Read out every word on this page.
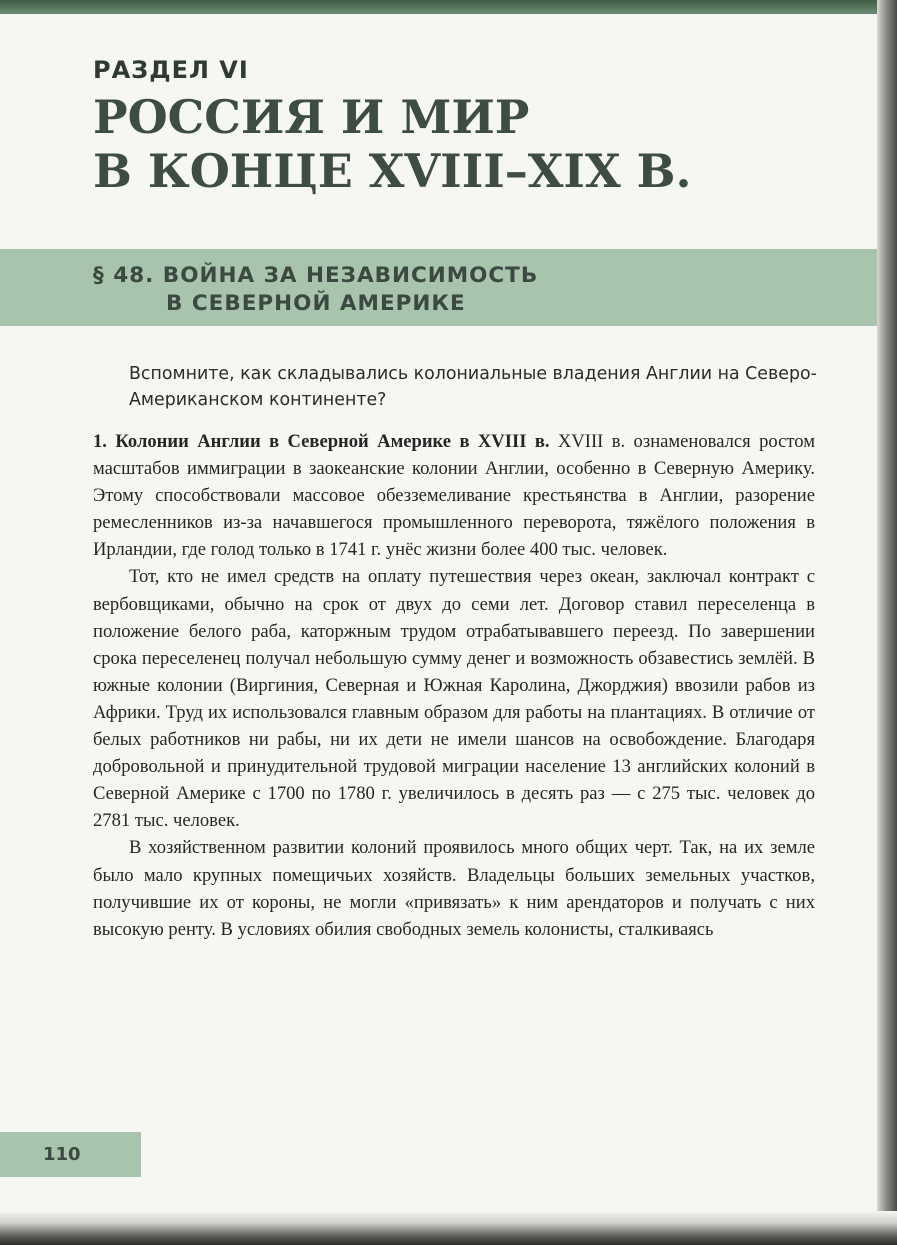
РАЗДЕЛ VI
РОССИЯ И МИР
В КОНЦЕ XVIII–XIX В.
§ 48. ВОЙНА ЗА НЕЗАВИСИМОСТЬ
В СЕВЕРНОЙ АМЕРИКЕ

Вспомните, как складывались колониальные владения Англии на Северо-Американском континенте?

1. Колонии Англии в Северной Америке в XVIII в. XVIII в. ознаменовался ростом масштабов иммиграции в заокеанские колонии Англии, особенно в Северную Америку. Этому способствовали массовое обезземеливание крестьянства в Англии, разорение ремесленников из-за начавшегося промышленного переворота, тяжёлого положения в Ирландии, где голод только в 1741 г. унёс жизни более 400 тыс. человек.

Тот, кто не имел средств на оплату путешествия через океан, заключал контракт с вербовщиками, обычно на срок от двух до семи лет. Договор ставил переселенца в положение белого раба, каторжным трудом отрабатывавшего переезд. По завершении срока переселенец получал небольшую сумму денег и возможность обзавестись землёй. В южные колонии (Виргиния, Северная и Южная Каролина, Джорджия) ввозили рабов из Африки. Труд их использовался главным образом для работы на плантациях. В отличие от белых работников ни рабы, ни их дети не имели шансов на освобождение. Благодаря добровольной и принудительной трудовой миграции население 13 английских колоний в Северной Америке с 1700 по 1780 г. увеличилось в десять раз — с 275 тыс. человек до 2781 тыс. человек.

В хозяйственном развитии колоний проявилось много общих черт. Так, на их земле было мало крупных помещичьих хозяйств. Владельцы больших земельных участков, получившие их от короны, не могли «привязать» к ним арендаторов и получать с них высокую ренту. В условиях обилия свободных земель колонисты, сталкиваясь

110
